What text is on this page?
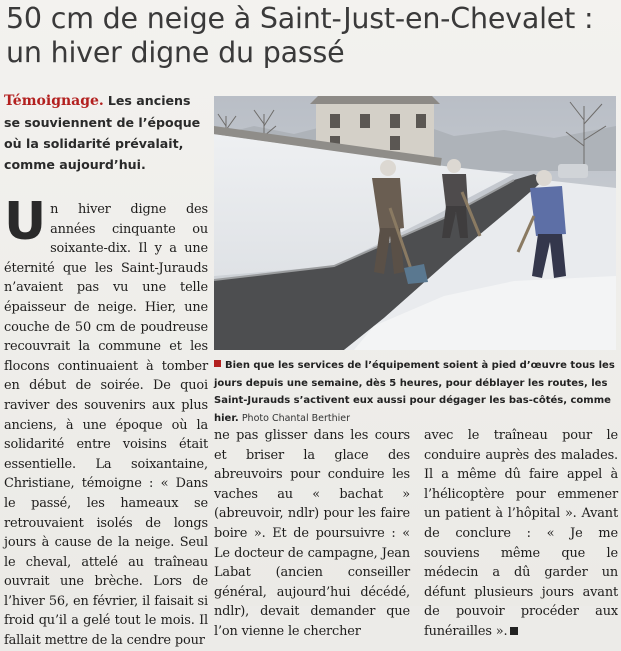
50 cm de neige à Saint-Just-en-Chevalet :
un hiver digne du passé
Témoignage. Les anciens se souviennent de l’époque où la solidarité prévalait, comme aujourd’hui.
Bien que les services de l’équipement soient à pied d’œuvre tous les jours depuis une semaine, dès 5 heures, pour déblayer les routes, les Saint-Jurauds s’activent eux aussi pour dégager les bas-côtés, comme hier. Photo Chantal Berthier
Un hiver digne des années cinquante ou soixante-dix. Il y a une éternité que les Saint-Jurauds n’avaient pas vu une telle épaisseur de neige. Hier, une couche de 50 cm de poudreuse recouvrait la commune et les flocons continuaient à tomber en début de soirée. De quoi raviver des souvenirs aux plus anciens, à une époque où la solidarité entre voisins était essentielle. La soixantaine, Christiane, témoigne : « Dans le passé, les hameaux se retrouvaient isolés de longs jours à cause de la neige. Seul le cheval, attelé au traîneau ouvrait une brèche. Lors de l’hiver 56, en février, il faisait si froid qu’il a gelé tout le mois. Il fallait mettre de la cendre pour
ne pas glisser dans les cours et briser la glace des abreuvoirs pour conduire les vaches au « bachat » (abreuvoir, ndlr) pour les faire boire ». Et de poursuivre : « Le docteur de campagne, Jean Labat (ancien conseiller général, aujourd’hui décédé, ndlr), devait demander que l’on vienne le chercher
avec le traîneau pour le conduire auprès des malades. Il a même dû faire appel à l’hélicoptère pour emmener un patient à l’hôpital ». Avant de conclure : « Je me souviens même que le médecin a dû garder un défunt plusieurs jours avant de pouvoir procéder aux funérailles ».
